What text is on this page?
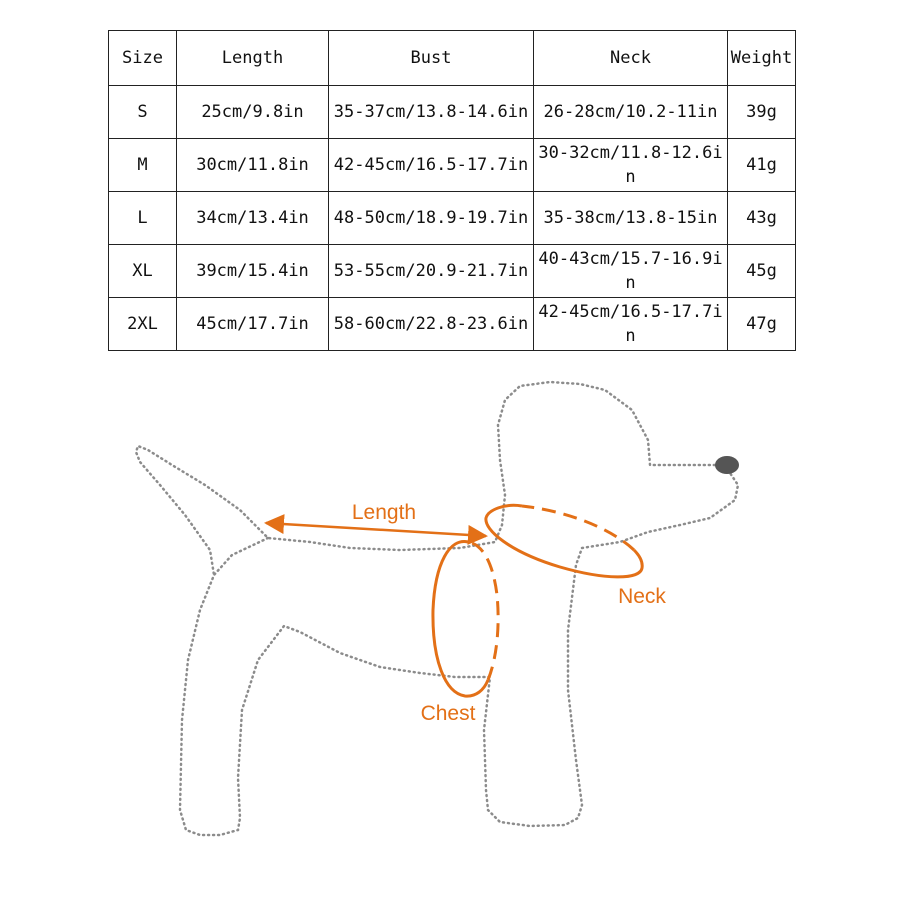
Size	Length	Bust	Neck	Weight
S	25cm/9.8in	35-37cm/13.8-14.6in	26-28cm/10.2-11in	39g
M	30cm/11.8in	42-45cm/16.5-17.7in	30-32cm/11.8-12.6in	41g
L	34cm/13.4in	48-50cm/18.9-19.7in	35-38cm/13.8-15in	43g
XL	39cm/15.4in	53-55cm/20.9-21.7in	40-43cm/15.7-16.9in	45g
2XL	45cm/17.7in	58-60cm/22.8-23.6in	42-45cm/16.5-17.7in	47g
Length
Neck
Chest
